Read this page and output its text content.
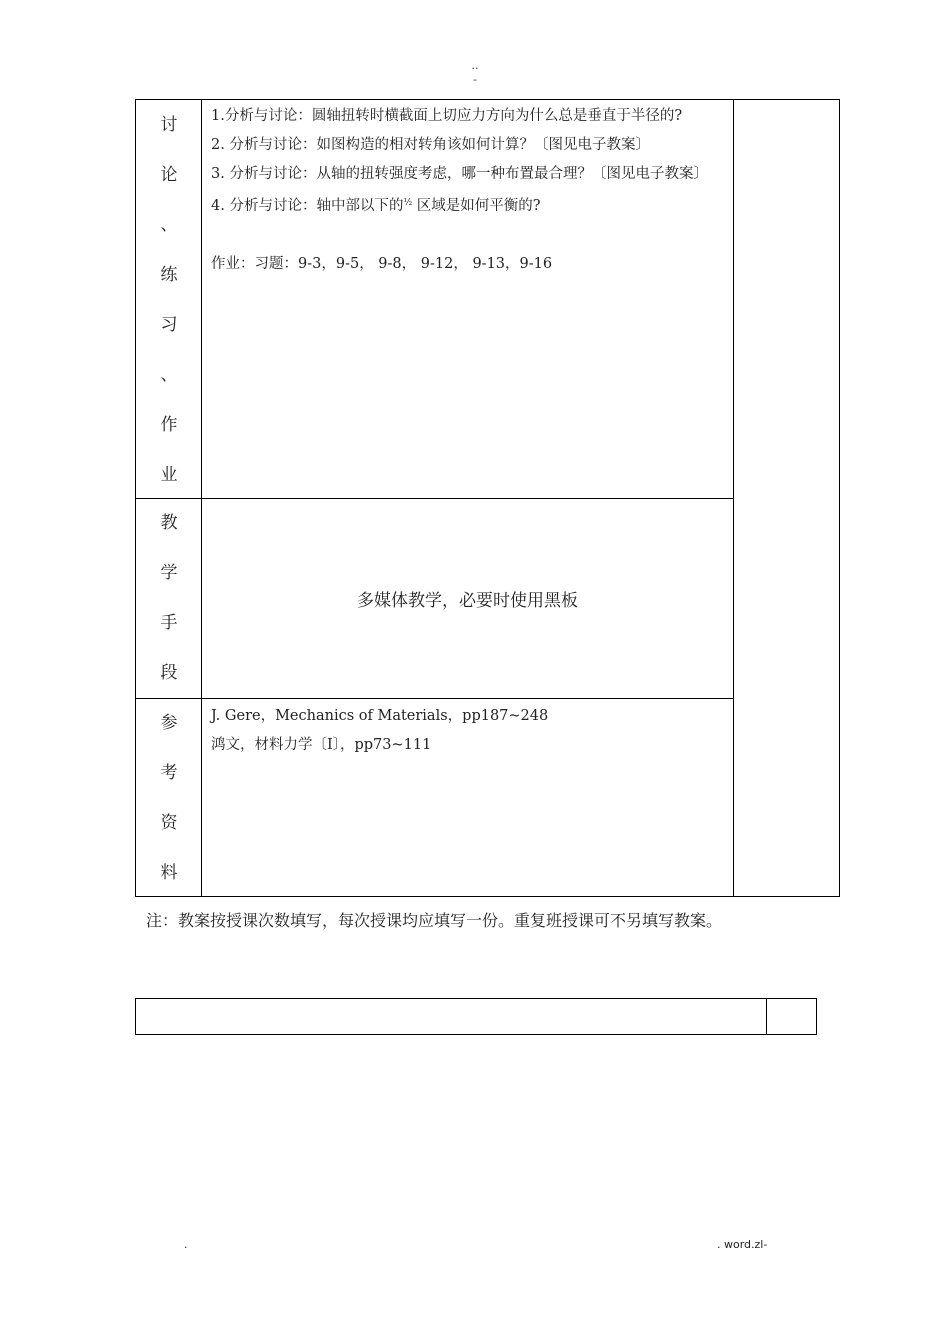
..
-
讨
论
、
练
习
、
作
业

1.分析与讨论：圆轴扭转时横截面上切应力方向为什么总是垂直于半径的?

2. 分析与讨论：如图构造的相对转角该如何计算？〔图见电子教案〕

3. 分析与讨论：从轴的扭转强度考虑，哪一种布置最合理？〔图见电子教案〕

4. 分析与讨论：轴中部以下的$^{\frac{1}{2}}$ 区域是如何平衡的?

作业：习题：9-3，9-5， 9-8， 9-12， 9-13，9-16

教
学
手
段
多媒体教学，必要时使用黑板
参
考
资
料

J. Gere，Mechanics of Materials，pp187~248

鸿文，材料力学〔Ⅰ〕，pp73~111

注：教案按授课次数填写，每次授课均应填写一份。重复班授课可不另填写教案。
.	. word.zl-
